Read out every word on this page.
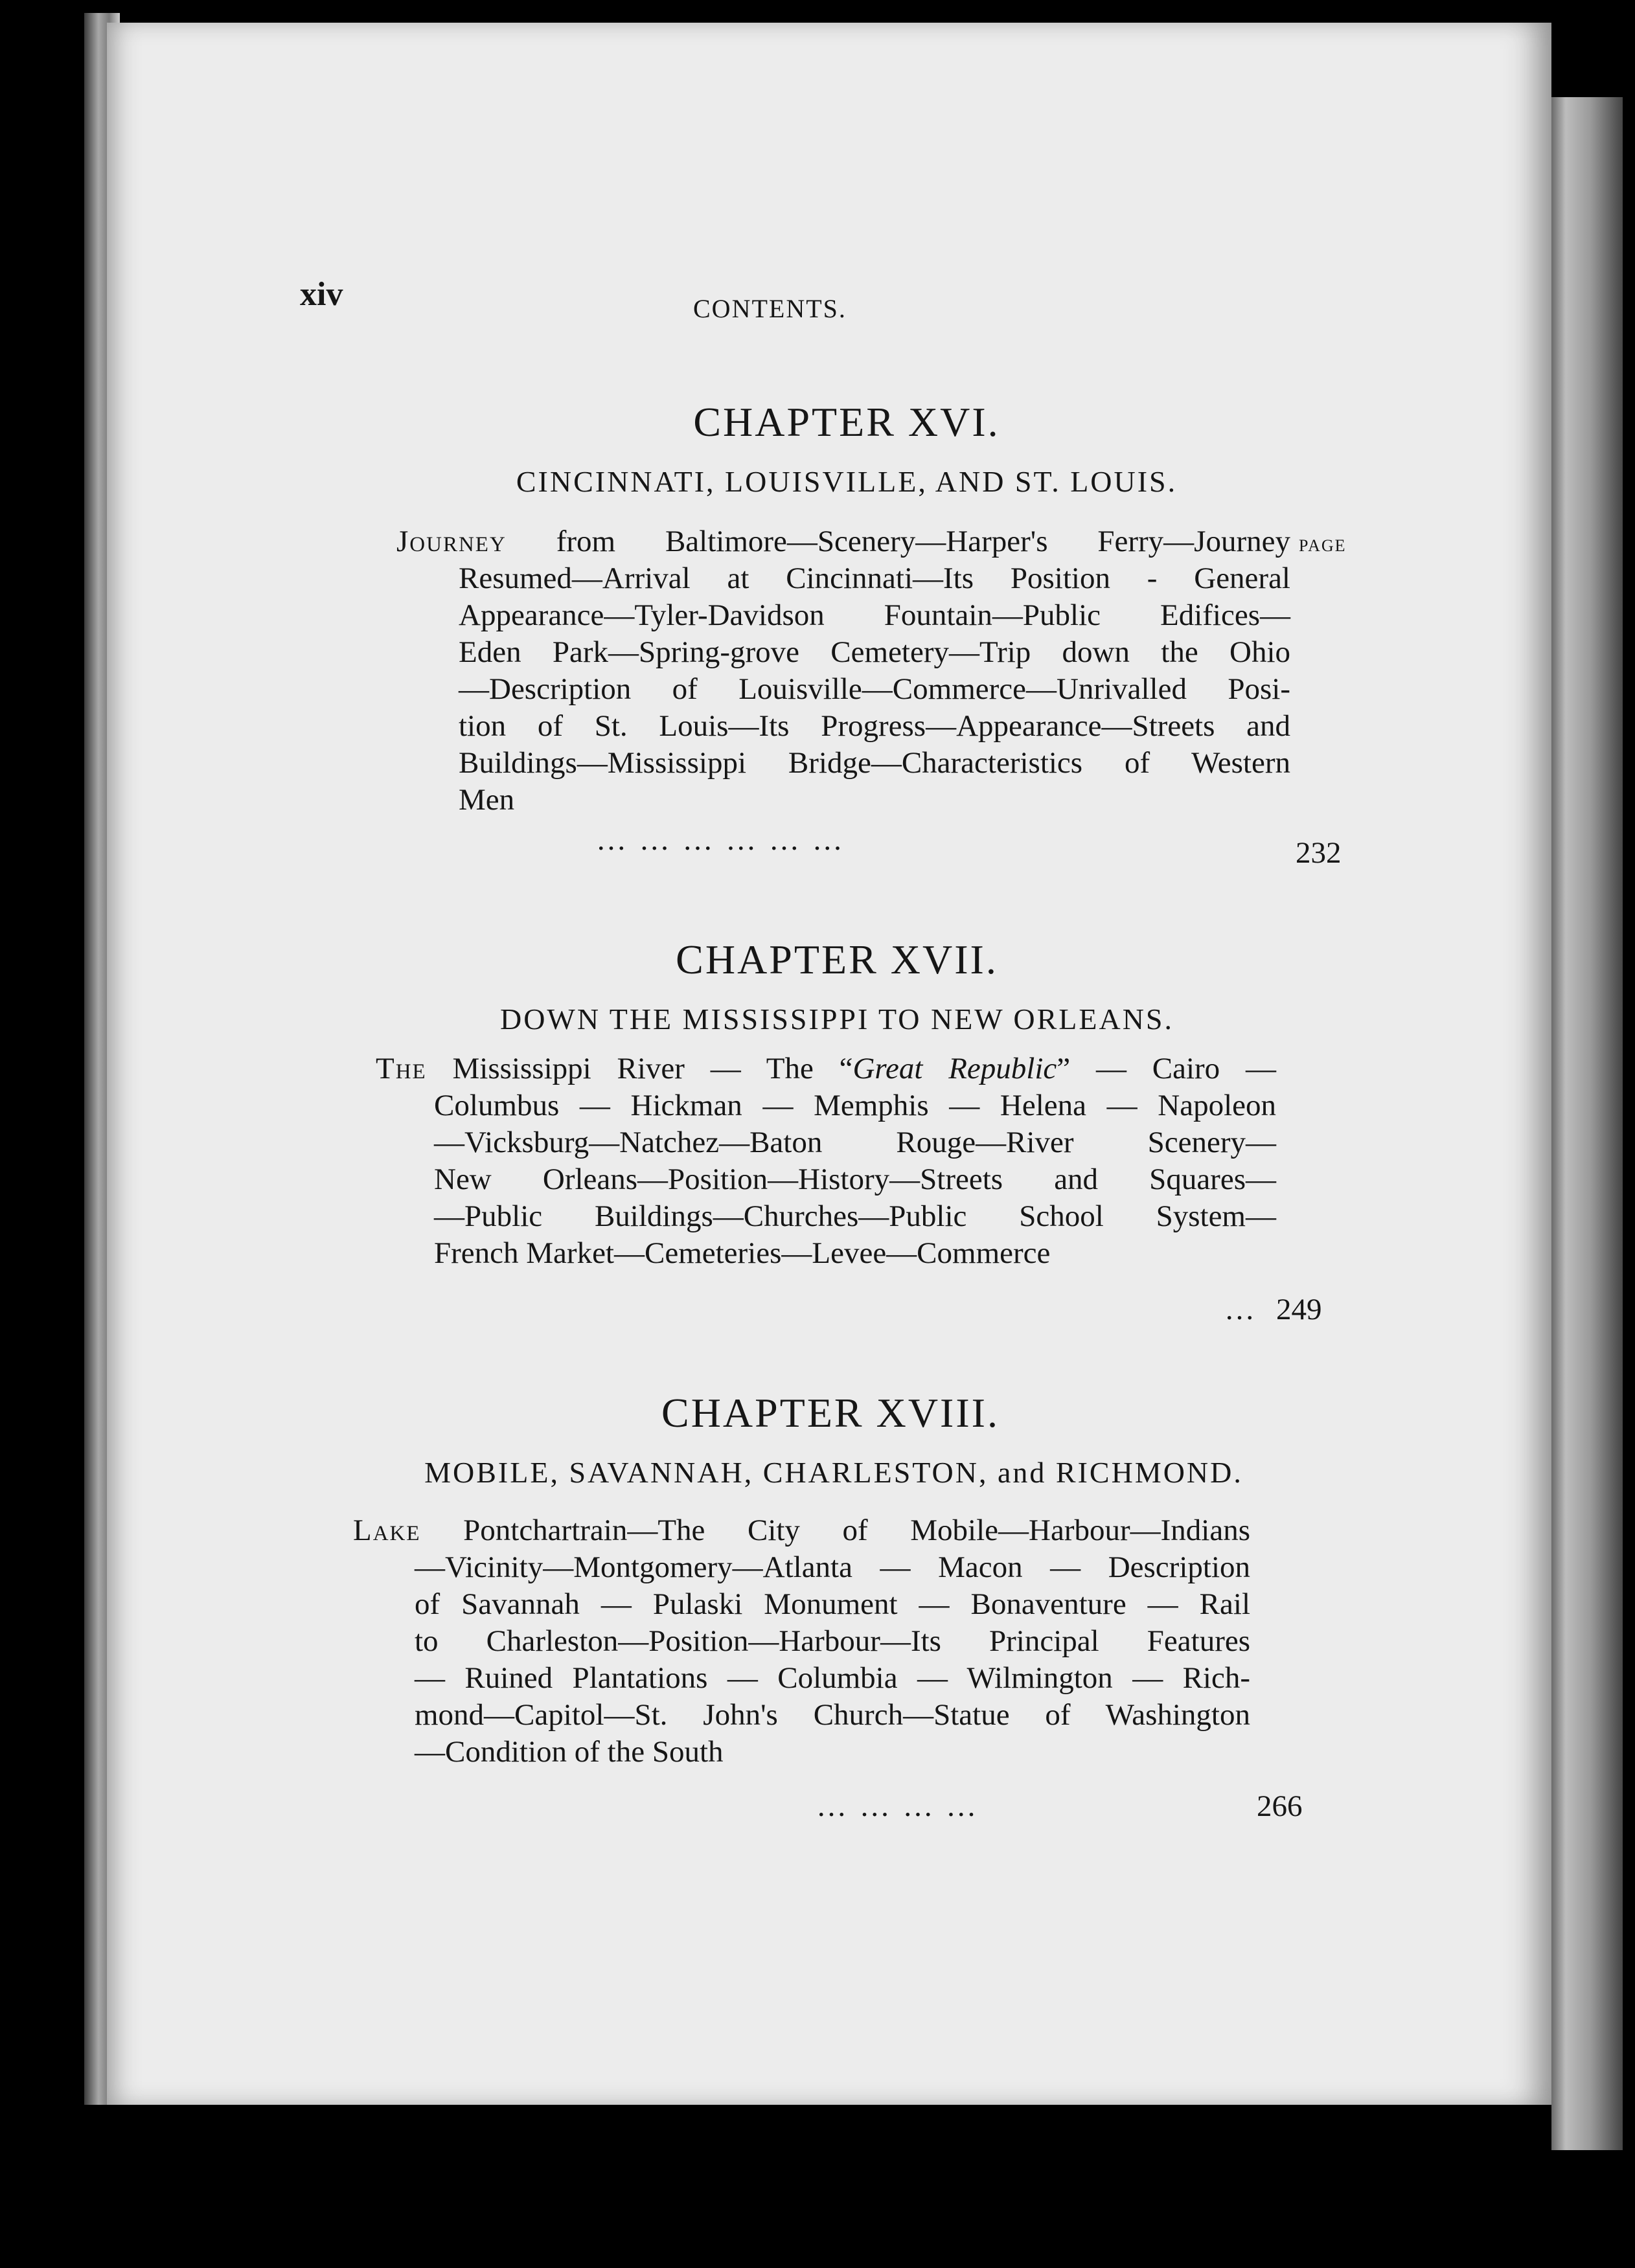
xiv	CONTENTS.
CHAPTER XVI.
CINCINNATI, LOUISVILLE, AND ST. LOUIS.
PAGE
Journey from Baltimore—Scenery—Harper's Ferry—Journey
Resumed—Arrival at Cincinnati—Its Position - General
Appearance—Tyler-Davidson Fountain—Public Edifices—
Eden Park—Spring-grove Cemetery—Trip down the Ohio
—Description of Louisville—Commerce—Unrivalled Posi-
tion of St. Louis—Its Progress—Appearance—Streets and
Buildings—Mississippi Bridge—Characteristics of Western
Men
… … … … … …	232
CHAPTER XVII.
DOWN THE MISSISSIPPI TO NEW ORLEANS.
The Mississippi River — The “Great Republic” — Cairo —
Columbus — Hickman — Memphis — Helena — Napoleon
—Vicksburg—Natchez—Baton Rouge—River Scenery—
New Orleans—Position—History—Streets and Squares—
—Public Buildings—Churches—Public School System—
French Market—Cemeteries—Levee—Commerce
… 249
CHAPTER XVIII.
MOBILE, SAVANNAH, CHARLESTON, and RICHMOND.
Lake Pontchartrain—The City of Mobile—Harbour—Indians
—Vicinity—Montgomery—Atlanta — Macon — Description
of Savannah — Pulaski Monument — Bonaventure — Rail
to Charleston—Position—Harbour—Its Principal Features
— Ruined Plantations — Columbia — Wilmington — Rich-
mond—Capitol—St. John's Church—Statue of Washington
—Condition of the South
… … … …	266
